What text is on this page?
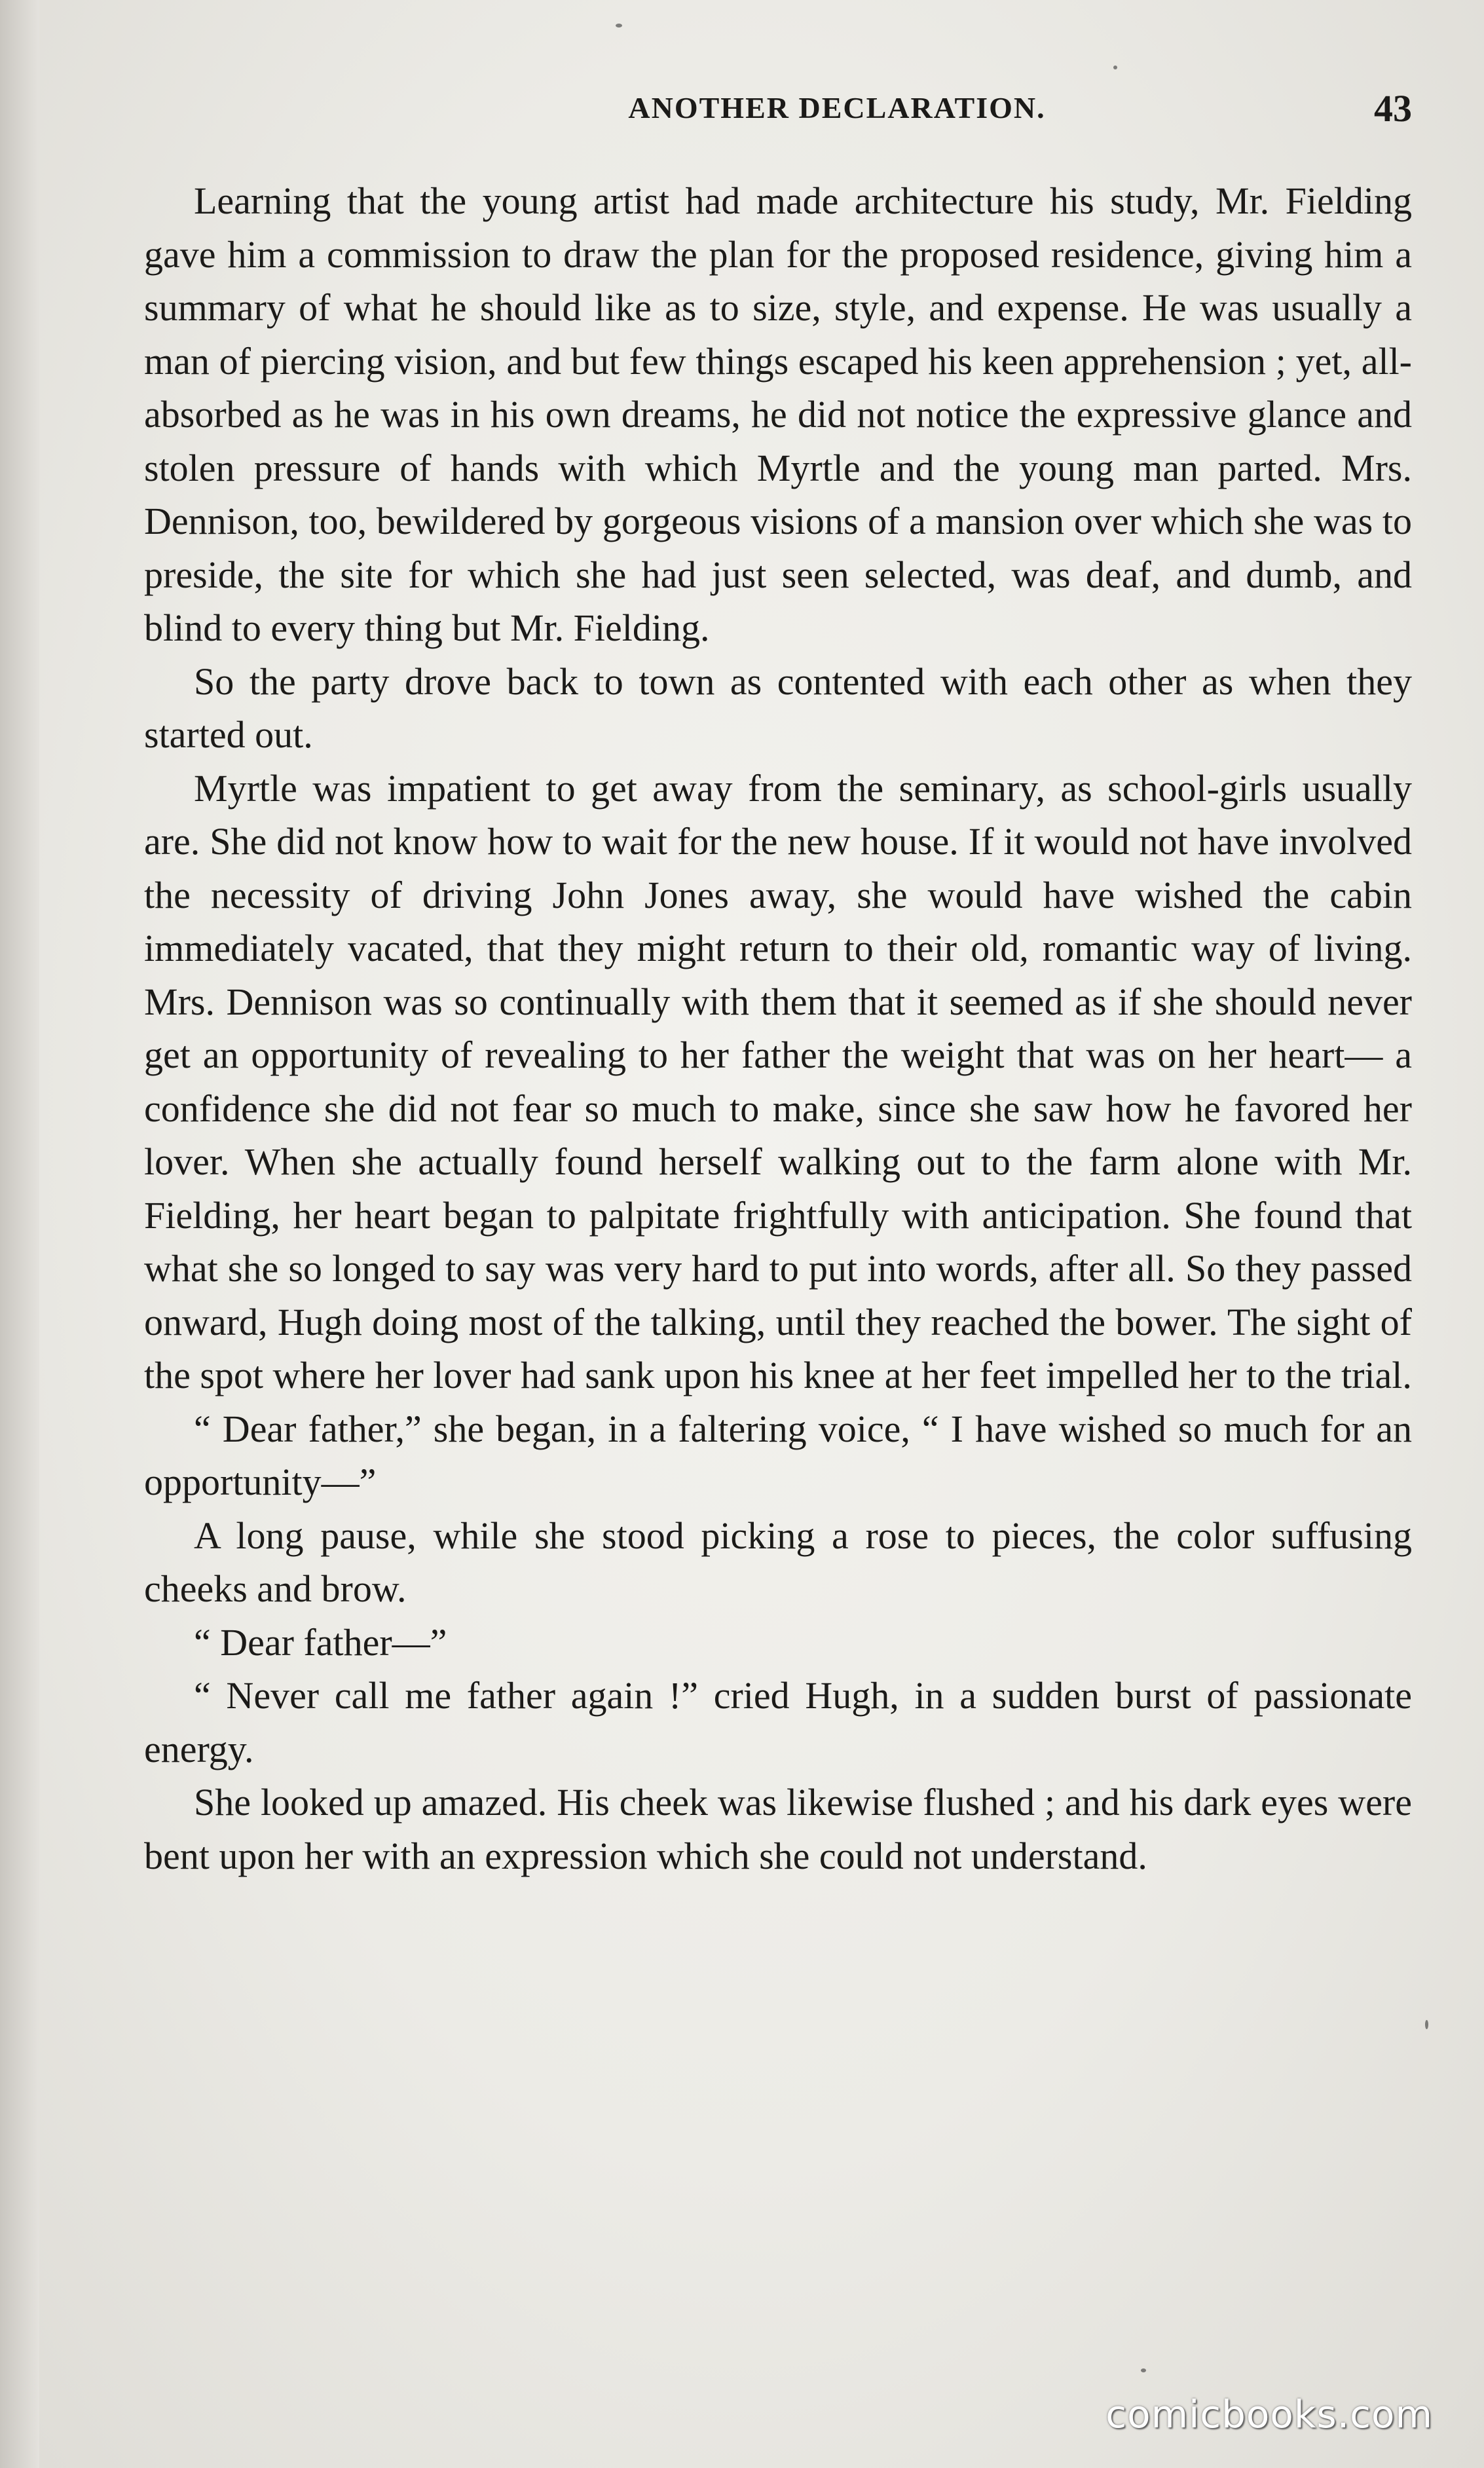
ANOTHER DECLARATION.	43

Learning that the young artist had made architecture his study, Mr. Fielding gave him a commission to draw the plan for the proposed residence, giving him a summary of what he should like as to size, style, and expense. He was usually a man of piercing vision, and but few things escaped his keen apprehension ; yet, all-absorbed as he was in his own dreams, he did not notice the expressive glance and stolen pressure of hands with which Myrtle and the young man parted. Mrs. Dennison, too, bewildered by gorgeous visions of a mansion over which she was to preside, the site for which she had just seen selected, was deaf, and dumb, and blind to every thing but Mr. Fielding.

So the party drove back to town as contented with each other as when they started out.

Myrtle was impatient to get away from the seminary, as school-girls usually are. She did not know how to wait for the new house. If it would not have involved the necessity of driving John Jones away, she would have wished the cabin immediately vacated, that they might return to their old, romantic way of living. Mrs. Dennison was so continually with them that it seemed as if she should never get an opportunity of revealing to her father the weight that was on her heart— a confidence she did not fear so much to make, since she saw how he favored her lover. When she actually found herself walking out to the farm alone with Mr. Fielding, her heart began to palpitate frightfully with anticipation. She found that what she so longed to say was very hard to put into words, after all. So they passed onward, Hugh doing most of the talking, until they reached the bower. The sight of the spot where her lover had sank upon his knee at her feet impelled her to the trial.

“ Dear father,” she began, in a faltering voice, “ I have wished so much for an opportunity—”

A long pause, while she stood picking a rose to pieces, the color suffusing cheeks and brow.

“ Dear father—”

“ Never call me father again !” cried Hugh, in a sudden burst of passionate energy.

She looked up amazed. His cheek was likewise flushed ; and his dark eyes were bent upon her with an expression which she could not understand.

comicbooks.com
